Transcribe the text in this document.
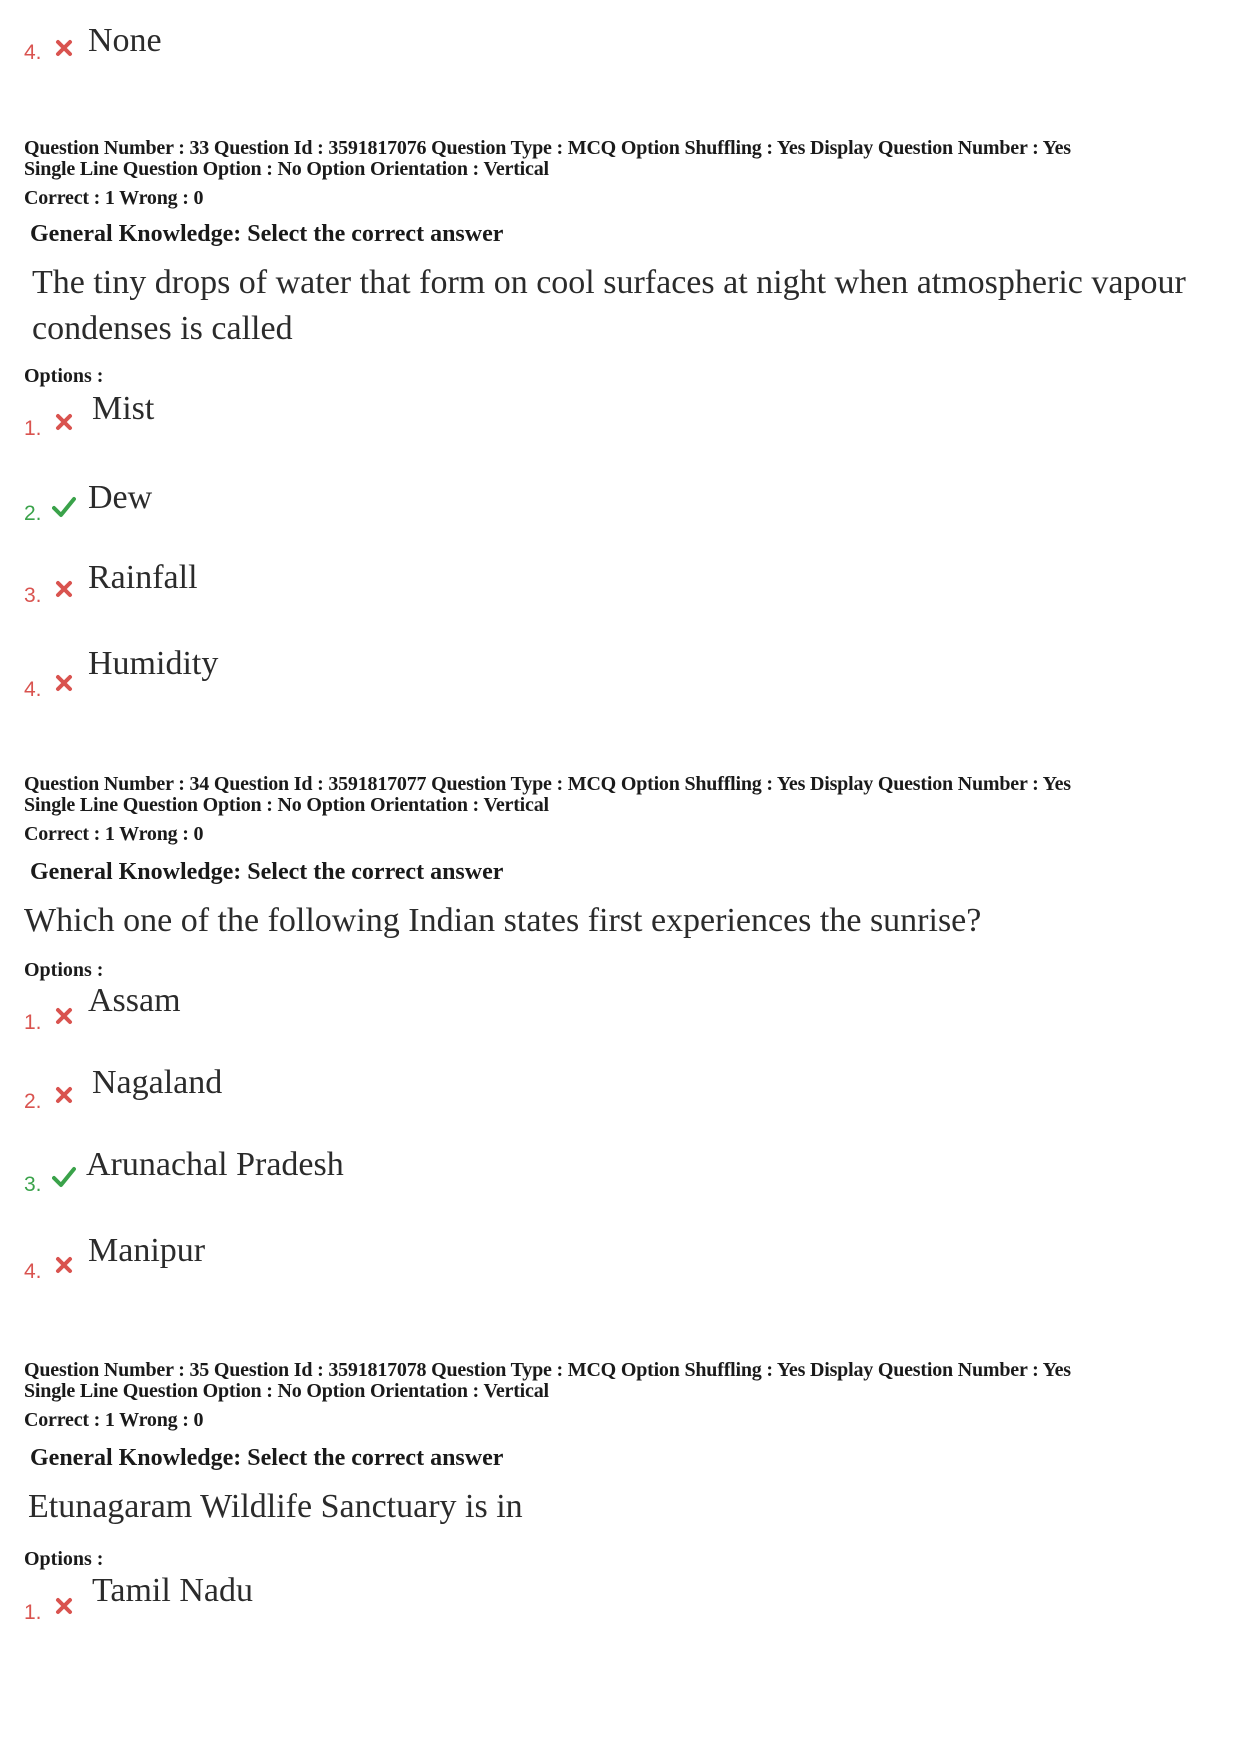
4. None
Question Number : 33 Question Id : 3591817076 Question Type : MCQ Option Shuffling : Yes Display Question Number : Yes
Single Line Question Option : No Option Orientation : Vertical
Correct : 1 Wrong : 0
General Knowledge: Select the correct answer
The tiny drops of water that form on cool surfaces at night when atmospheric vapour condenses is called
Options :
1.
Mist
2. Dew
3. Rainfall
4.
Humidity
Question Number : 34 Question Id : 3591817077 Question Type : MCQ Option Shuffling : Yes Display Question Number : Yes
Single Line Question Option : No Option Orientation : Vertical
Correct : 1 Wrong : 0
General Knowledge: Select the correct answer
Which one of the following Indian states first experiences the sunrise?
Options :
1.
Assam
2.
Nagaland
3.
Arunachal Pradesh
4.
Manipur
Question Number : 35 Question Id : 3591817078 Question Type : MCQ Option Shuffling : Yes Display Question Number : Yes
Single Line Question Option : No Option Orientation : Vertical
Correct : 1 Wrong : 0
General Knowledge: Select the correct answer
Etunagaram Wildlife Sanctuary is in
Options :
1.
Tamil Nadu
